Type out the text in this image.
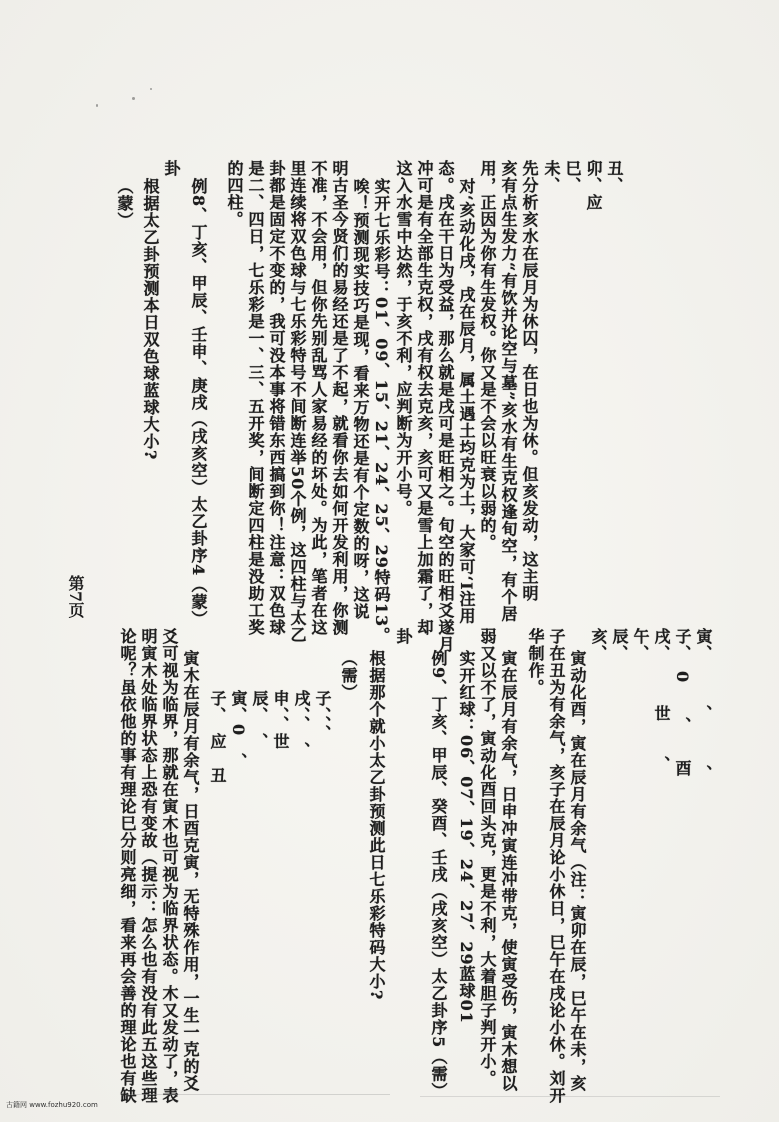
丑、
卯、应
巳、
未、
先分析亥水在辰月为休囚，在日也为休。但亥发动，这主明
亥有点生发力“有饮并论空与墓”亥水有生克权逢旬空，有个居
用，正因为你有生发权。你又是不会以旺衰以弱的。
对‘亥动化戌，戌在辰月，属土遇土均克为土，大家可‘I注用
态。戌在干日为受益，那么就是戌可是旺相之。旬空的旺相爻遂月
冲可是有全部生克权，戌有权去克亥，亥可又是雪上加霜了，却
这入水雪中达然，于亥不利，应判断为开小号。
实开七乐彩号：01、09、15、21、24、25、29特码13。
唉！预测现实技巧是现，看来万物还是有个定数的呀，这说
明古圣今贤们的易经还是了不起，就看你去如何开发利用，你测
不准，不会用，但你先别乱骂人家易经的坏处。为此，笔者在这
里连续将双色球与七乐彩特号不间断连举50个例，这四柱与太乙
卦都是固定不变的，我可没本事将错东西搞到你！注意：双色球
是二、四日，七乐彩是一、三、五开奖，间断定四柱是没助工奖
的四柱。
例8、丁亥、甲辰、壬申、庚戌（戌亥空）太乙卦序4（蒙）
卦
根据太乙卦预测本日双色球蓝球大小?
（蒙）
第7页
寅、　　　、　　　、
子、　0　　、　　酉
戌、　　　世　　、
午、
辰、
亥、
寅动化酉，寅在辰月有余气（注：寅卯在辰，巳午在未，亥
子在丑为有余气，亥子在辰月论小休日，巳午在戌论小休。刘开
华制作。
寅在辰月有余气，日申冲寅连冲带克，使寅受伤，寅木想以
弱又以不了，寅动化酉回头克，更是不利，大着胆子判开小。
实开红球：06、07、19、24、27、29蓝球01
例9、丁亥、甲辰、癸酉、壬戌（戌亥空）太乙卦序5（需）
卦
根据那个就小太乙卦预测此日七乐彩特码大小?
（需）
子、、、
戌、、　、
申、、世
辰、　、
寅、0　、
子、　应　丑
寅木在辰月有余气，日酉克寅，无特殊作用，一生一克的爻
爻可视为临界，那就在寅木也可视为临界状态。木又发动了，表
明寅木处临界状态上恐有变故（提示：怎么也有没有此五这些理
论呢？虽依他的事有理论巳分则亮细，看来再会善的理论也有缺
古籍网 www.fozhu920.com
